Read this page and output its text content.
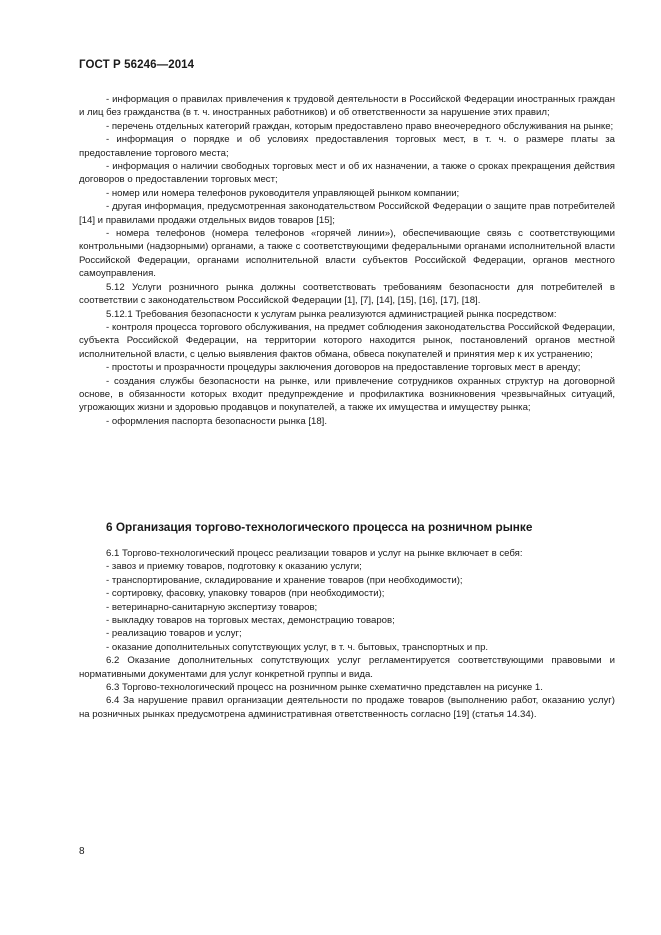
ГОСТ Р 56246—2014

- информация о правилах привлечения к трудовой деятельности в Российской Федерации иностранных граждан и лиц без гражданства (в т. ч. иностранных работников) и об ответственности за нарушение этих правил;

- перечень отдельных категорий граждан, которым предоставлено право внеочередного обслуживания на рынке;

- информация о порядке и об условиях предоставления торговых мест, в т. ч. о размере платы за предоставление торгового места;

- информация о наличии свободных торговых мест и об их назначении, а также о сроках прекращения действия договоров о предоставлении торговых мест;

- номер или номера телефонов руководителя управляющей рынком компании;

- другая информация, предусмотренная законодательством Российской Федерации о защите прав потребителей [14] и правилами продажи отдельных видов товаров [15];

- номера телефонов (номера телефонов «горячей линии»), обеспечивающие связь с соответствующими контрольными (надзорными) органами, а также с соответствующими федеральными органами исполнительной власти Российской Федерации, органами исполнительной власти субъектов Российской Федерации, органов местного самоуправления.

5.12 Услуги розничного рынка должны соответствовать требованиям безопасности для потребителей в соответствии с законодательством Российской Федерации [1], [7], [14], [15], [16], [17], [18].

5.12.1 Требования безопасности к услугам рынка реализуются администрацией рынка посредством:

- контроля процесса торгового обслуживания, на предмет соблюдения законодательства Российской Федерации, субъекта Российской Федерации, на территории которого находится рынок, постановлений органов местной исполнительной власти, с целью выявления фактов обмана, обвеса покупателей и принятия мер к их устранению;

- простоты и прозрачности процедуры заключения договоров на предоставление торговых мест в аренду;

- создания службы безопасности на рынке, или привлечение сотрудников охранных структур на договорной основе, в обязанности которых входит предупреждение и профилактика возникновения чрезвычайных ситуаций, угрожающих жизни и здоровью продавцов и покупателей, а также их имущества и имуществу рынка;

- оформления паспорта безопасности рынка [18].

6 Организация торгово-технологического процесса на розничном рынке

6.1 Торгово-технологический процесс реализации товаров и услуг на рынке включает в себя:

- завоз и приемку товаров, подготовку к оказанию услуги;

- транспортирование, складирование и хранение товаров (при необходимости);

- сортировку, фасовку, упаковку товаров (при необходимости);

- ветеринарно-санитарную экспертизу товаров;

- выкладку товаров на торговых местах, демонстрацию товаров;

- реализацию товаров и услуг;

- оказание дополнительных сопутствующих услуг, в т. ч. бытовых, транспортных и пр.

6.2 Оказание дополнительных сопутствующих услуг регламентируется соответствующими правовыми и нормативными документами для услуг конкретной группы и вида.

6.3 Торгово-технологический процесс на розничном рынке схематично представлен на рисунке 1.

6.4 За нарушение правил организации деятельности по продаже товаров (выполнению работ, оказанию услуг) на розничных рынках предусмотрена административная ответственность согласно [19] (статья 14.34).

8
